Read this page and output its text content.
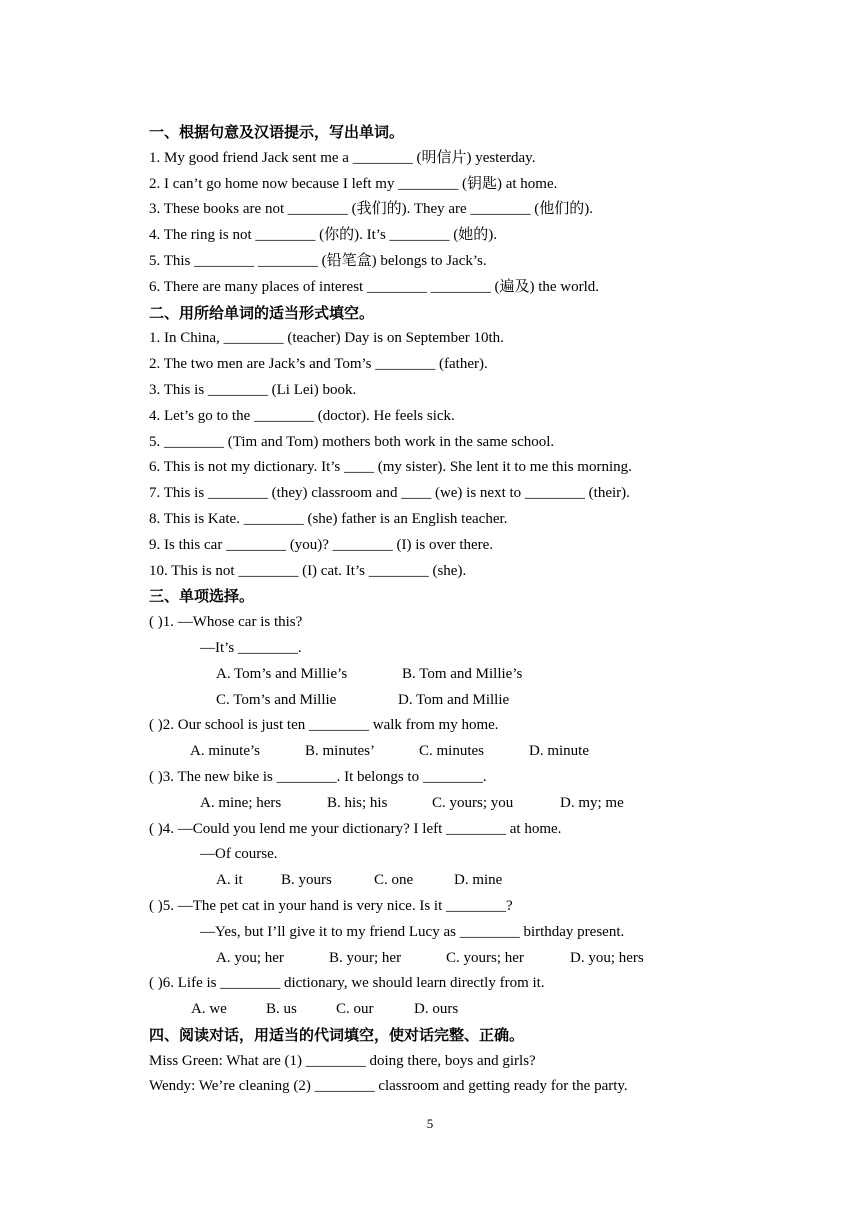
一、根据句意及汉语提示，写出单词。
1. My good friend Jack sent me a ________ (明信片) yesterday.
2. I can’t go home now because I left my ________ (钥匙) at home.
3. These books are not ________ (我们的). They are ________ (他们的).
4. The ring is not ________ (你的). It’s ________ (她的).
5. This ________ ________ (铅笔盒) belongs to Jack’s.
6. There are many places of interest ________ ________ (遍及) the world.
二、用所给单词的适当形式填空。
1. In China, ________ (teacher) Day is on September 10th.
2. The two men are Jack’s and Tom’s ________ (father).
3. This is ________ (Li Lei) book.
4. Let’s go to the ________ (doctor). He feels sick.
5. ________ (Tim and Tom) mothers both work in the same school.
6. This is not my dictionary. It’s ____ (my sister). She lent it to me this morning.
7. This is ________ (they) classroom and ____ (we) is next to ________ (their).
8. This is Kate. ________ (she) father is an English teacher.
9. Is this car ________ (you)? ________ (I) is over there.
10. This is not ________ (I) cat. It’s ________ (she).
三、单项选择。
( )1. —Whose car is this?
—It’s ________.
A. Tom’s and Millie’s	B. Tom and Millie’s
C. Tom’s and Millie	D. Tom and Millie
( )2. Our school is just ten ________ walk from my home.
A. minute’s	B. minutes’	C. minutes	D. minute
( )3. The new bike is ________. It belongs to ________.
A. mine; hers	B. his; his	C. yours; you	D. my; me
( )4. —Could you lend me your dictionary? I left ________ at home.
—Of course.
A. it	B. yours	C. one	D. mine
( )5. —The pet cat in your hand is very nice. Is it ________?
—Yes, but I’ll give it to my friend Lucy as ________ birthday present.
A. you; her	B. your; her	C. yours; her	D. you; hers
( )6. Life is ________ dictionary, we should learn directly from it.
A. we	B. us	C. our	D. ours
四、阅读对话，用适当的代词填空，使对话完整、正确。
Miss Green: What are (1) ________ doing there, boys and girls?
Wendy: We’re cleaning (2) ________ classroom and getting ready for the party.
5
